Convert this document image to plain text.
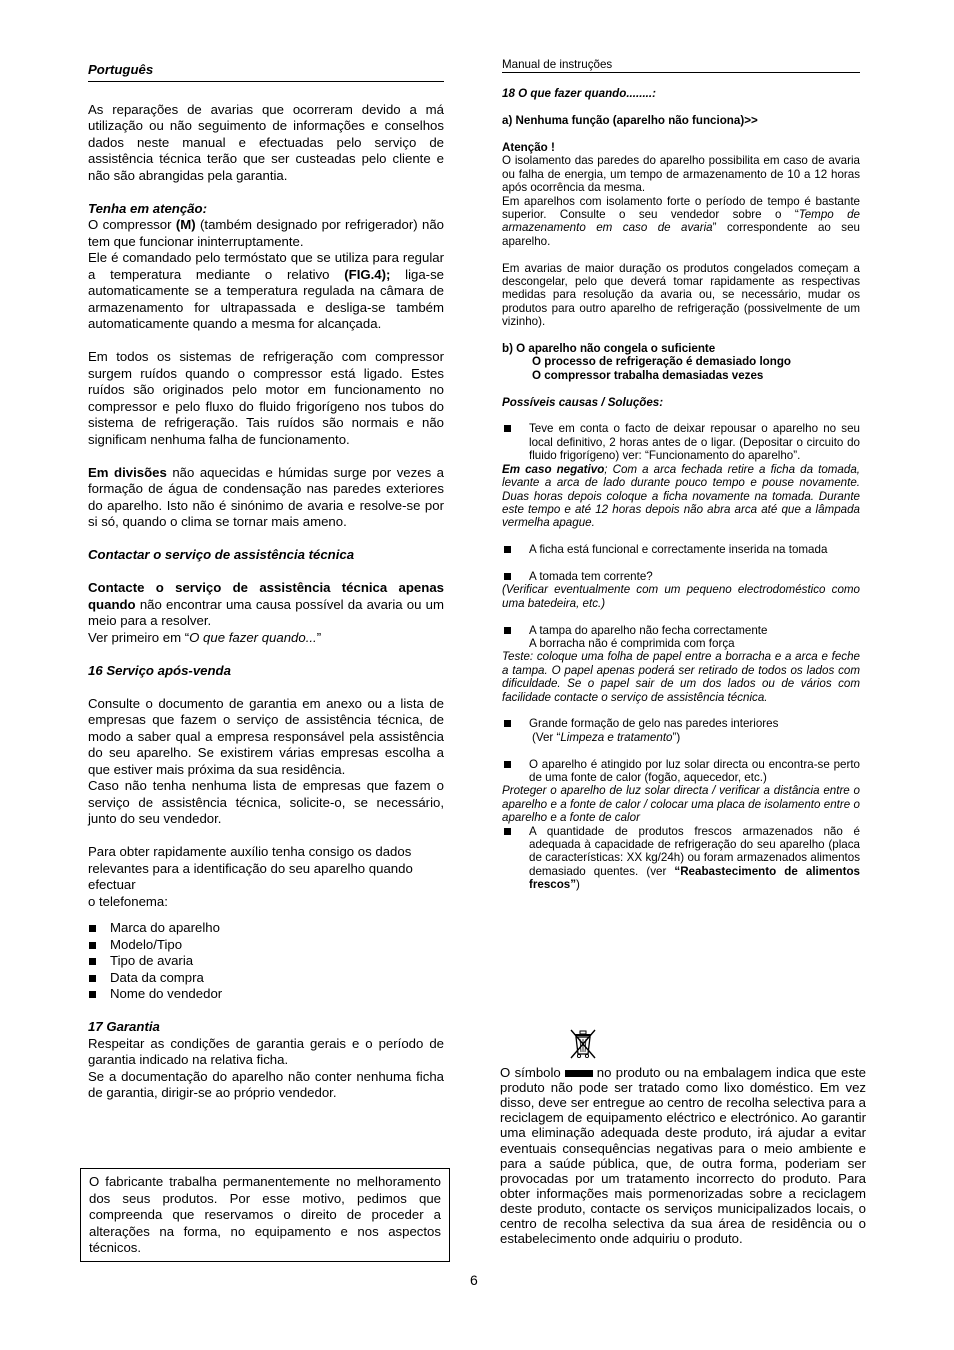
Português

As reparações de avarias que ocorreram devido a má utilização ou não seguimento de informações e conselhos dados neste manual e efectuadas pelo serviço de assistência técnica terão que ser custeadas pelo cliente e não são abrangidas pela garantia.

Tenha em atenção:

O compressor (M) (também designado por refrigerador) não tem que funcionar ininterruptamente.

Ele é comandado pelo termóstato que se utiliza para regular a temperatura mediante o relativo (FIG.4); liga-se automaticamente se a temperatura regulada na câmara de armazenamento for ultrapassada e desliga-se também automaticamente quando a mesma for alcançada.

Em todos os sistemas de refrigeração com compressor surgem ruídos quando o compressor está ligado. Estes ruídos são originados pelo motor em funcionamento no compressor e pelo fluxo do fluido frigorígeno nos tubos do sistema de refrigeração. Tais ruídos são normais e não significam nenhuma falha de funcionamento.

Em divisões não aquecidas e húmidas surge por vezes a formação de água de condensação nas paredes exteriores do aparelho. Isto não é sinónimo de avaria e resolve-se por si só, quando o clima se tornar mais ameno.

Contactar o serviço de assistência técnica

Contacte o serviço de assistência técnica apenas quando não encontrar uma causa possível da avaria ou um meio para a resolver.

Ver primeiro em “O que fazer quando...”

16 Serviço após-venda

Consulte o documento de garantia em anexo ou a lista de empresas que fazem o serviço de assistência técnica, de modo a saber qual a empresa responsável pela assistência do seu aparelho. Se existirem várias empresas escolha a que estiver mais próxima da sua residência.

Caso não tenha nenhuma lista de empresas que fazem o serviço de assistência técnica, solicite-o, se necessário, junto do seu vendedor.

Para obter rapidamente auxílio tenha consigo os dados relevantes para a identificação do seu aparelho quando efectuar

o telefonema:

Marca do aparelho
Modelo/Tipo
Tipo de avaria
Data da compra
Nome do vendedor

17 Garantia

Respeitar as condições de garantia gerais e o período de garantia indicado na relativa ficha.

Se a documentação do aparelho não conter nenhuma ficha de garantia, dirigir-se ao próprio vendedor.

O fabricante trabalha permanentemente no melhoramento dos seus produtos. Por esse motivo, pedimos que compreenda que reservamos o direito de proceder a alterações na forma, no equipamento e nos aspectos técnicos.

Manual de instruções

18 O que fazer quando........:

a) Nenhuma função (aparelho não funciona)>>

Atenção !

O isolamento das paredes do aparelho possibilita em caso de avaria ou falha de energia, um tempo de armazenamento de 10 a 12 horas após ocorrência da mesma.

Em aparelhos com isolamento forte o período de tempo é bastante superior. Consulte o seu vendedor sobre o “Tempo de armazenamento em caso de avaria” correspondente ao seu aparelho.

Em avarias de maior duração os produtos congelados começam a descongelar, pelo que deverá tomar rapidamente as respectivas medidas para resolução da avaria ou, se necessário, mudar os produtos para outro aparelho de refrigeração (possivelmente de um vizinho).

b) O aparelho não congela o suficiente

O processo de refrigeração é demasiado longo

O compressor trabalha demasiadas vezes

Possíveis causas / Soluções:

Teve em conta o facto de deixar repousar o aparelho no seu local definitivo, 2 horas antes de o ligar. (Depositar o circuito do fluido frigorígeno) ver: “Funcionamento do aparelho”.

Em caso negativo; Com a arca fechada retire a ficha da tomada, levante a arca de lado durante pouco tempo e pouse novamente. Duas horas depois coloque a ficha novamente na tomada. Durante este tempo e até 12 horas depois não abra arca até que a lâmpada vermelha apague.

A ficha está funcional e correctamente inserida na tomada

A tomada tem corrente?

(Verificar eventualmente com um pequeno electrodoméstico como uma batedeira, etc.)

A tampa do aparelho não fecha correctamente

A borracha não é comprimida com força

Teste: coloque uma folha de papel entre a borracha e a arca e feche a tampa. O papel apenas poderá ser retirado de todos os lados com dificuldade. Se o papel sair de um dos lados ou de vários com facilidade contacte o serviço de assistência técnica.

Grande formação de gelo nas paredes interiores

(Ver “Limpeza e tratamento”)

O aparelho é atingido por luz solar directa ou encontra-se perto de uma fonte de calor (fogão, aquecedor, etc.)

Proteger o aparelho de luz solar directa / verificar a distância entre o aparelho e a fonte de calor / colocar uma placa de isolamento entre o aparelho e a fonte de calor

A quantidade de produtos frescos armazenados não é adequada à capacidade de refrigeração do seu aparelho (placa de características: XX kg/24h) ou foram armazenados alimentos demasiado quentes. (ver “Reabastecimento de alimentos frescos”)

O símbolo	no produto ou na embalagem indica que este produto não pode ser tratado como lixo doméstico. Em vez disso, deve ser entregue ao centro de recolha selectiva para a reciclagem de equipamento eléctrico e electrónico. Ao garantir uma eliminação adequada deste produto, irá ajudar a evitar eventuais consequências negativas para o meio ambiente e para a saúde pública, que, de outra forma, poderiam ser provocadas por um tratamento incorrecto do produto. Para obter informações mais pormenorizadas sobre a reciclagem deste produto, contacte os serviços municipalizados locais, o centro de recolha selectiva da sua área de residência ou o estabelecimento onde adquiriu o produto.

6
